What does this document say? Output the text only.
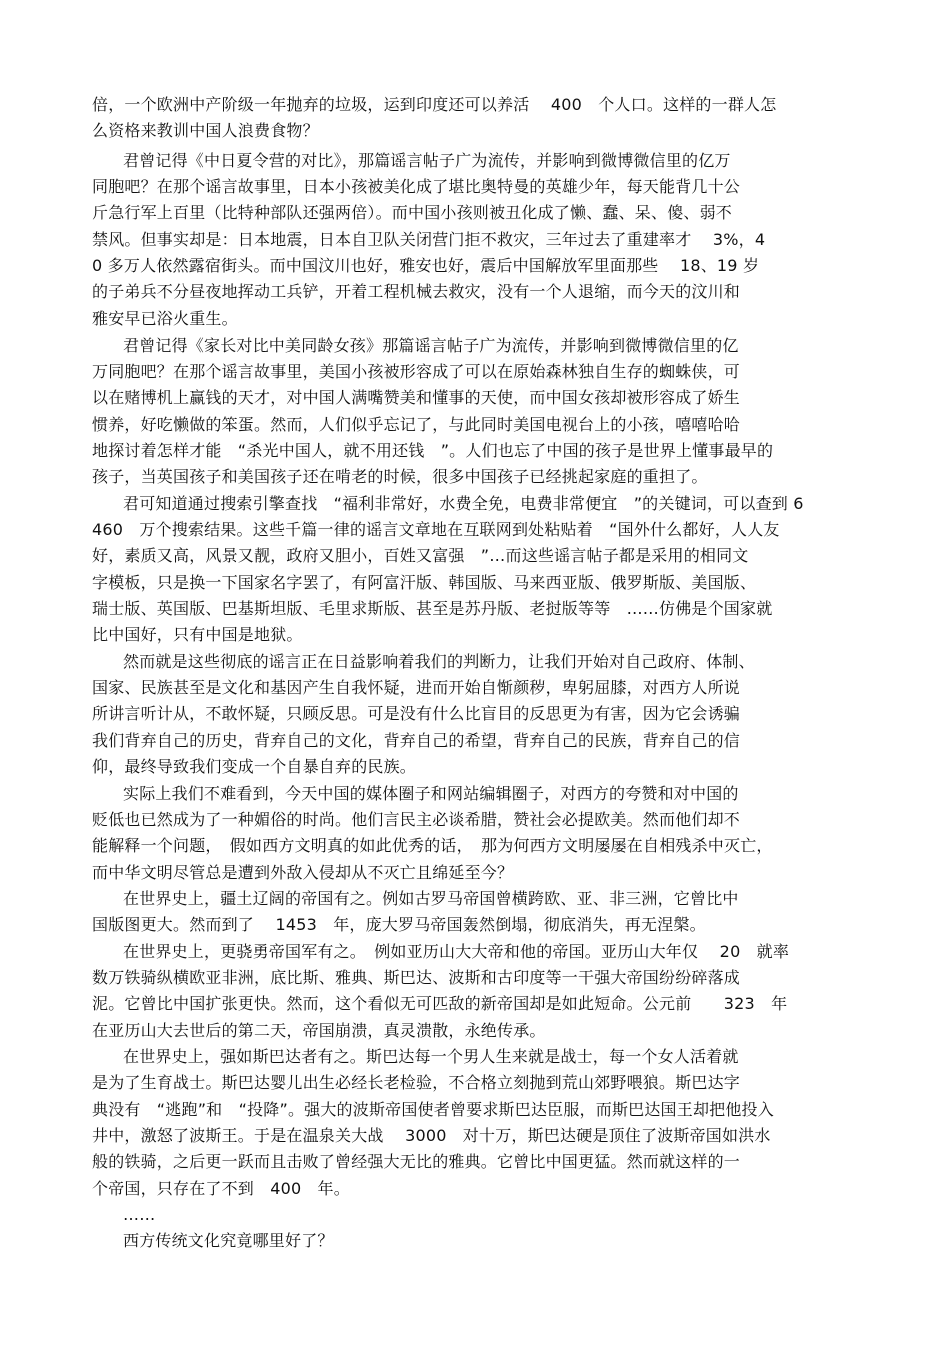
倍，一个欧洲中产阶级一年抛弃的垃圾，运到印度还可以养活　 400　个人口。这样的一群人怎
么资格来教训中国人浪费食物？
君曾记得《中日夏令营的对比》，那篇谣言帖子广为流传，并影响到微博微信里的亿万
同胞吧？在那个谣言故事里，日本小孩被美化成了堪比奥特曼的英雄少年，每天能背几十公
斤急行军上百里（比特种部队还强两倍）。而中国小孩则被丑化成了懒、蠢、呆、傻、弱不
禁风。但事实却是：日本地震，日本自卫队关闭营门拒不救灾，三年过去了重建率才　 3%，4
0 多万人依然露宿街头。而中国汶川也好，雅安也好，震后中国解放军里面那些　 18、19 岁
的子弟兵不分昼夜地挥动工兵铲，开着工程机械去救灾，没有一个人退缩，而今天的汶川和
雅安早已浴火重生。
君曾记得《家长对比中美同龄女孩》那篇谣言帖子广为流传，并影响到微博微信里的亿
万同胞吧？在那个谣言故事里，美国小孩被形容成了可以在原始森林独自生存的蜘蛛侠，可
以在赌博机上赢钱的天才，对中国人满嘴赞美和懂事的天使，而中国女孩却被形容成了娇生
惯养，好吃懒做的笨蛋。然而，人们似乎忘记了，与此同时美国电视台上的小孩，嘻嘻哈哈
地探讨着怎样才能　“杀光中国人，就不用还钱　”。人们也忘了中国的孩子是世界上懂事最早的
孩子，当英国孩子和美国孩子还在啃老的时候，很多中国孩子已经挑起家庭的重担了。
君可知道通过搜索引擎查找　“福利非常好，水费全免，电费非常便宜　”的关键词，可以查到 6
460　万个搜索结果。这些千篇一律的谣言文章地在互联网到处粘贴着　“国外什么都好，人人友
好，素质又高，风景又靓，政府又胆小，百姓又富强　”…而这些谣言帖子都是采用的相同文
字模板，只是换一下国家名字罢了，有阿富汗版、韩国版、马来西亚版、俄罗斯版、美国版、
瑞士版、英国版、巴基斯坦版、毛里求斯版、甚至是苏丹版、老挝版等等　……仿佛是个国家就
比中国好，只有中国是地狱。
然而就是这些彻底的谣言正在日益影响着我们的判断力，让我们开始对自己政府、体制、
国家、民族甚至是文化和基因产生自我怀疑，进而开始自惭颜秽，卑躬屈膝，对西方人所说
所讲言听计从，不敢怀疑，只顾反思。可是没有什么比盲目的反思更为有害，因为它会诱骗
我们背弃自己的历史，背弃自己的文化，背弃自己的希望，背弃自己的民族，背弃自己的信
仰，最终导致我们变成一个自暴自弃的民族。
实际上我们不难看到，今天中国的媒体圈子和网站编辑圈子，对西方的夸赞和对中国的
贬低也已然成为了一种媚俗的时尚。他们言民主必谈希腊，赞社会必提欧美。然而他们却不
能解释一个问题，　假如西方文明真的如此优秀的话，　那为何西方文明屡屡在自相残杀中灭亡，
而中华文明尽管总是遭到外敌入侵却从不灭亡且绵延至今？
在世界史上，疆土辽阔的帝国有之。例如古罗马帝国曾横跨欧、亚、非三洲，它曾比中
国版图更大。然而到了　 1453　年，庞大罗马帝国轰然倒塌，彻底消失，再无涅槃。
在世界史上，更骁勇帝国军有之。　例如亚历山大大帝和他的帝国。亚历山大年仅　 20　就率
数万铁骑纵横欧亚非洲，底比斯、雅典、斯巴达、波斯和古印度等一干强大帝国纷纷碎落成
泥。它曾比中国扩张更快。然而，这个看似无可匹敌的新帝国却是如此短命。公元前　　323　年
在亚历山大去世后的第二天，帝国崩溃，真灵溃散，永绝传承。
在世界史上，强如斯巴达者有之。斯巴达每一个男人生来就是战士，每一个女人活着就
是为了生育战士。斯巴达婴儿出生必经长老检验，不合格立刻抛到荒山郊野喂狼。斯巴达字
典没有　“逃跑”和　“投降”。强大的波斯帝国使者曾要求斯巴达臣服，而斯巴达国王却把他投入
井中，激怒了波斯王。于是在温泉关大战　 3000　对十万，斯巴达硬是顶住了波斯帝国如洪水
般的铁骑，之后更一跃而且击败了曾经强大无比的雅典。它曾比中国更猛。然而就这样的一
个帝国，只存在了不到　400　年。
……
西方传统文化究竟哪里好了？
